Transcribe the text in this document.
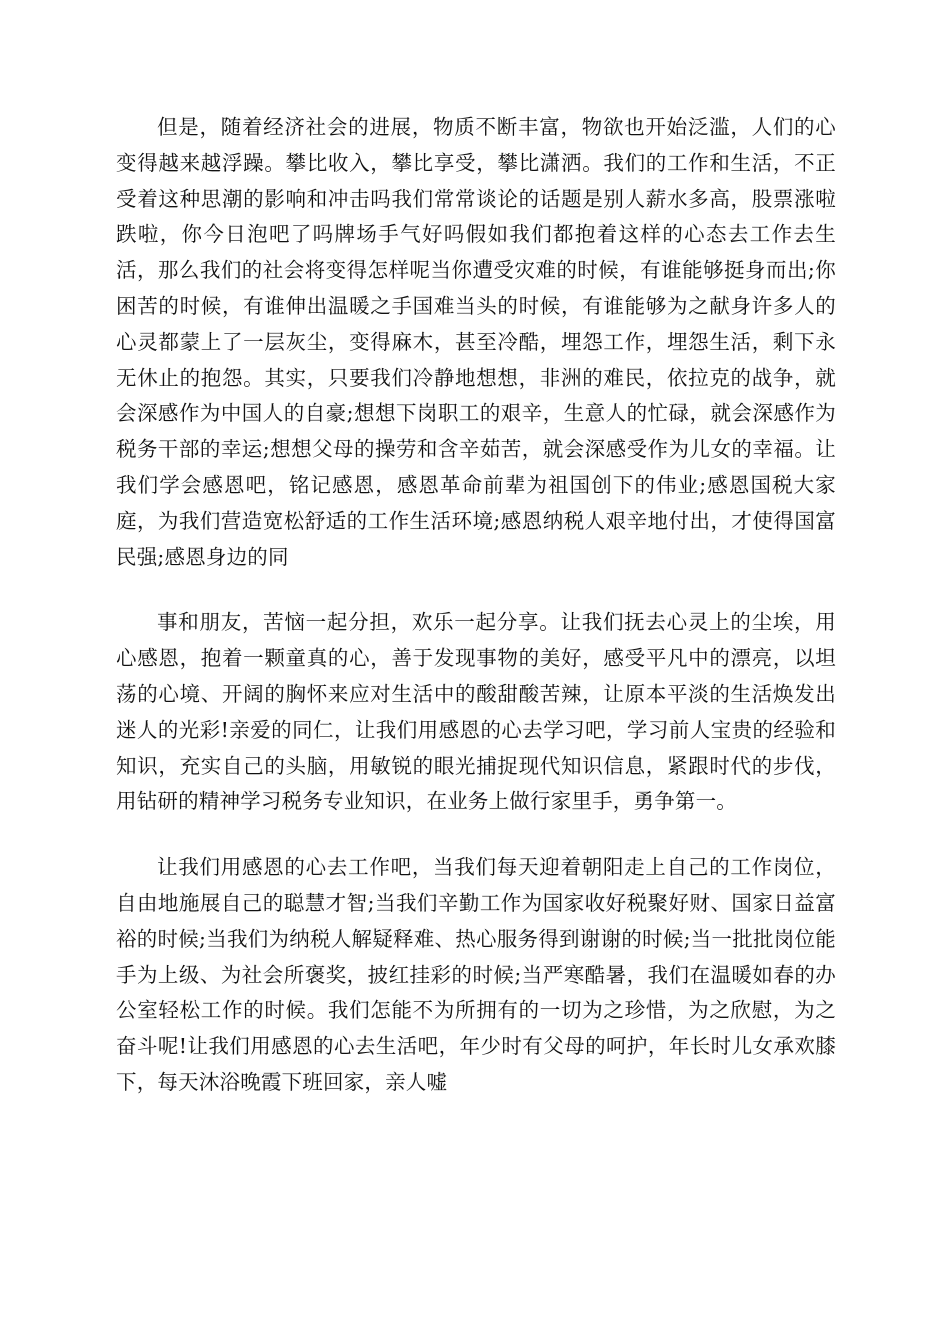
但是，随着经济社会的进展，物质不断丰富，物欲也开始泛滥，人们的心变得越来越浮躁。攀比收入，攀比享受，攀比潇洒。我们的工作和生活，不正受着这种思潮的影响和冲击吗我们常常谈论的话题是别人薪水多高，股票涨啦跌啦，你今日泡吧了吗牌场手气好吗假如我们都抱着这样的心态去工作去生活，那么我们的社会将变得怎样呢当你遭受灾难的时候，有谁能够挺身而出;你困苦的时候，有谁伸出温暖之手国难当头的时候，有谁能够为之献身许多人的心灵都蒙上了一层灰尘，变得麻木，甚至冷酷，埋怨工作，埋怨生活，剩下永无休止的抱怨。其实，只要我们冷静地想想，非洲的难民，依拉克的战争，就会深感作为中国人的自豪;想想下岗职工的艰辛，生意人的忙碌，就会深感作为税务干部的幸运;想想父母的操劳和含辛茹苦，就会深感受作为儿女的幸福。让我们学会感恩吧，铭记感恩，感恩革命前辈为祖国创下的伟业;感恩国税大家庭，为我们营造宽松舒适的工作生活环境;感恩纳税人艰辛地付出，才使得国富民强;感恩身边的同

事和朋友，苦恼一起分担，欢乐一起分享。让我们抚去心灵上的尘埃，用心感恩，抱着一颗童真的心，善于发现事物的美好，感受平凡中的漂亮，以坦荡的心境、开阔的胸怀来应对生活中的酸甜酸苦辣，让原本平淡的生活焕发出迷人的光彩!亲爱的同仁，让我们用感恩的心去学习吧，学习前人宝贵的经验和知识，充实自己的头脑，用敏锐的眼光捕捉现代知识信息，紧跟时代的步伐，用钻研的精神学习税务专业知识，在业务上做行家里手，勇争第一。

让我们用感恩的心去工作吧，当我们每天迎着朝阳走上自己的工作岗位，自由地施展自己的聪慧才智;当我们辛勤工作为国家收好税聚好财、国家日益富裕的时候;当我们为纳税人解疑释难、热心服务得到谢谢的时候;当一批批岗位能手为上级、为社会所褒奖，披红挂彩的时候;当严寒酷暑，我们在温暖如春的办公室轻松工作的时候。我们怎能不为所拥有的一切为之珍惜，为之欣慰，为之奋斗呢!让我们用感恩的心去生活吧，年少时有父母的呵护，年长时儿女承欢膝下，每天沐浴晚霞下班回家，亲人嘘
